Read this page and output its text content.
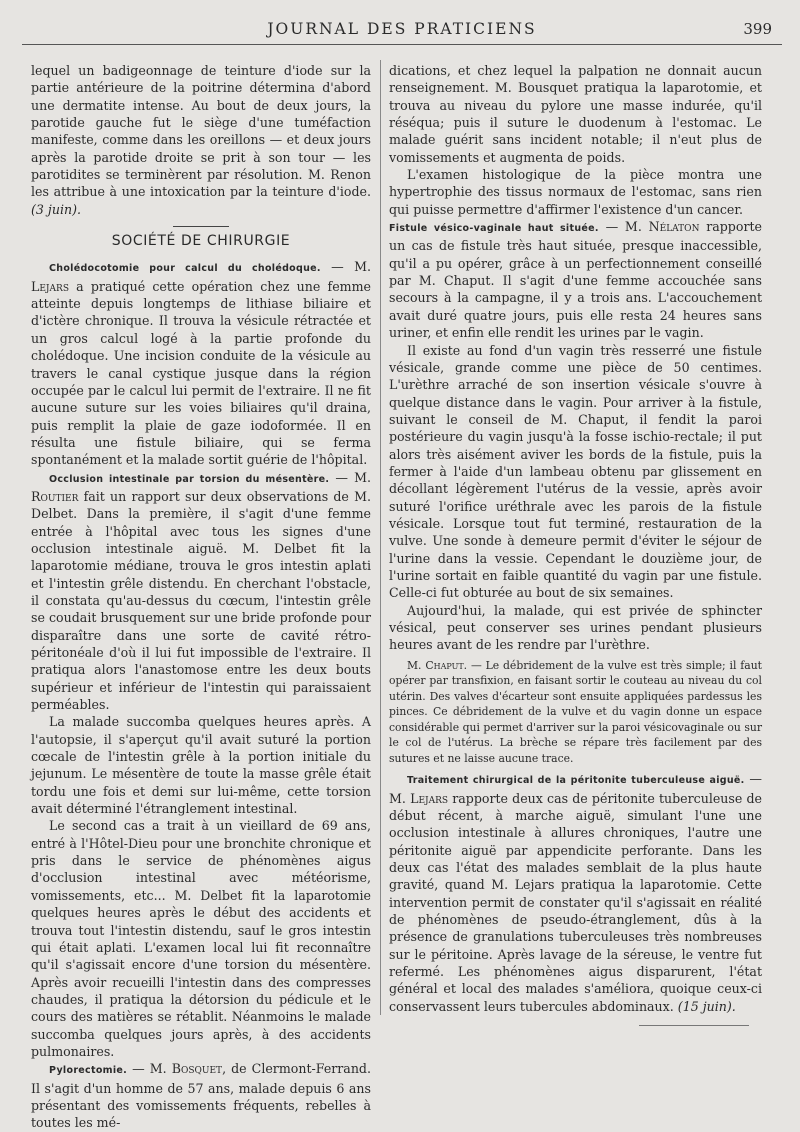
JOURNAL DES PRATICIENS	399

lequel un badigeonnage de teinture d'iode sur la partie antérieure de la poitrine détermina d'abord une dermatite intense. Au bout de deux jours, la parotide gauche fut le siège d'une tuméfaction manifeste, comme dans les oreillons — et deux jours après la parotide droite se prit à son tour — les parotidites se terminèrent par résolution. M. Renon les attribue à une intoxication par la teinture d'iode. (3 juin).

SOCIÉTÉ DE CHIRURGIE

Cholédocotomie pour calcul du cholédoque. — M. Lejars a pratiqué cette opération chez une femme atteinte depuis longtemps de lithiase biliaire et d'ictère chronique. Il trouva la vésicule rétractée et un gros calcul logé à la partie profonde du cholédoque. Une incision conduite de la vésicule au travers le canal cystique jusque dans la région occupée par le calcul lui permit de l'extraire. Il ne fit aucune suture sur les voies biliaires qu'il draina, puis remplit la plaie de gaze iodoformée. Il en résulta une fistule biliaire, qui se ferma spontanément et la malade sortit guérie de l'hôpital.

Occlusion intestinale par torsion du mésentère. — M. Routier fait un rapport sur deux observations de M. Delbet. Dans la première, il s'agit d'une femme entrée à l'hôpital avec tous les signes d'une occlusion intestinale aiguë. M. Delbet fit la laparotomie médiane, trouva le gros intestin aplati et l'intestin grêle distendu. En cherchant l'obstacle, il constata qu'au-dessus du cœcum, l'intestin grêle se coudait brusquement sur une bride profonde pour disparaître dans une sorte de cavité rétro-péritonéale d'où il lui fut impossible de l'extraire. Il pratiqua alors l'anastomose entre les deux bouts supérieur et inférieur de l'intestin qui paraissaient perméables.

La malade succomba quelques heures après. A l'autopsie, il s'aperçut qu'il avait suturé la portion cœcale de l'intestin grêle à la portion initiale du jejunum. Le mésentère de toute la masse grêle était tordu une fois et demi sur lui-même, cette torsion avait déterminé l'étranglement intestinal.

Le second cas a trait à un vieillard de 69 ans, entré à l'Hôtel-Dieu pour une bronchite chronique et pris dans le service de phénomènes aigus d'occlusion intestinal avec météorisme, vomissements, etc... M. Delbet fit la laparotomie quelques heures après le début des accidents et trouva tout l'intestin distendu, sauf le gros intestin qui était aplati. L'examen local lui fit reconnaître qu'il s'agissait encore d'une torsion du mésentère. Après avoir recueilli l'intestin dans des compresses chaudes, il pratiqua la détorsion du pédicule et le cours des matières se rétablit. Néanmoins le malade succomba quelques jours après, à des accidents pulmonaires.

Pylorectomie. — M. Bosquet, de Clermont-Ferrand. Il s'agit d'un homme de 57 ans, malade depuis 6 ans présentant des vomissements fréquents, rebelles à toutes les mé-

dications, et chez lequel la palpation ne donnait aucun renseignement. M. Bousquet pratiqua la laparotomie, et trouva au niveau du pylore une masse indurée, qu'il réséqua; puis il suture le duodenum à l'estomac. Le malade guérit sans incident notable; il n'eut plus de vomissements et augmenta de poids.

L'examen histologique de la pièce montra une hypertrophie des tissus normaux de l'estomac, sans rien qui puisse permettre d'affirmer l'existence d'un cancer.

Fistule vésico-vaginale haut située. — M. Nélaton rapporte un cas de fistule très haut située, presque inaccessible, qu'il a pu opérer, grâce à un perfectionnement conseillé par M. Chaput. Il s'agit d'une femme accouchée sans secours à la campagne, il y a trois ans. L'accouchement avait duré quatre jours, puis elle resta 24 heures sans uriner, et enfin elle rendit les urines par le vagin.

Il existe au fond d'un vagin très resserré une fistule vésicale, grande comme une pièce de 50 centimes. L'urèthre arraché de son insertion vésicale s'ouvre à quelque distance dans le vagin. Pour arriver à la fistule, suivant le conseil de M. Chaput, il fendit la paroi postérieure du vagin jusqu'à la fosse ischio-rectale; il put alors très aisément aviver les bords de la fistule, puis la fermer à l'aide d'un lambeau obtenu par glissement en décollant légèrement l'utérus de la vessie, après avoir suturé l'orifice uréthrale avec les parois de la fistule vésicale. Lorsque tout fut terminé, restauration de la vulve. Une sonde à demeure permit d'éviter le séjour de l'urine dans la vessie. Cependant le douzième jour, de l'urine sortait en faible quantité du vagin par une fistule. Celle-ci fut obturée au bout de six semaines.

Aujourd'hui, la malade, qui est privée de sphincter vésical, peut conserver ses urines pendant plusieurs heures avant de les rendre par l'urèthre.

M. Chaput. — Le débridement de la vulve est très simple; il faut opérer par transfixion, en faisant sortir le couteau au niveau du col utérin. Des valves d'écarteur sont ensuite appliquées pardessus les pinces. Ce débridement de la vulve et du vagin donne un espace considérable qui permet d'arriver sur la paroi vésicovaginale ou sur le col de l'utérus. La brèche se répare très facilement par des sutures et ne laisse aucune trace.

Traitement chirurgical de la péritonite tuberculeuse aiguë. — M. Lejars rapporte deux cas de péritonite tuberculeuse de début récent, à marche aiguë, simulant l'une une occlusion intestinale à allures chroniques, l'autre une péritonite aiguë par appendicite perforante. Dans les deux cas l'état des malades semblait de la plus haute gravité, quand M. Lejars pratiqua la laparotomie. Cette intervention permit de constater qu'il s'agissait en réalité de phénomènes de pseudo-étranglement, dûs à la présence de granulations tuberculeuses très nombreuses sur le péritoine. Après lavage de la séreuse, le ventre fut refermé. Les phénomènes aigus disparurent, l'état général et local des malades s'améliora, quoique ceux-ci conservassent leurs tubercules abdominaux. (15 juin).
